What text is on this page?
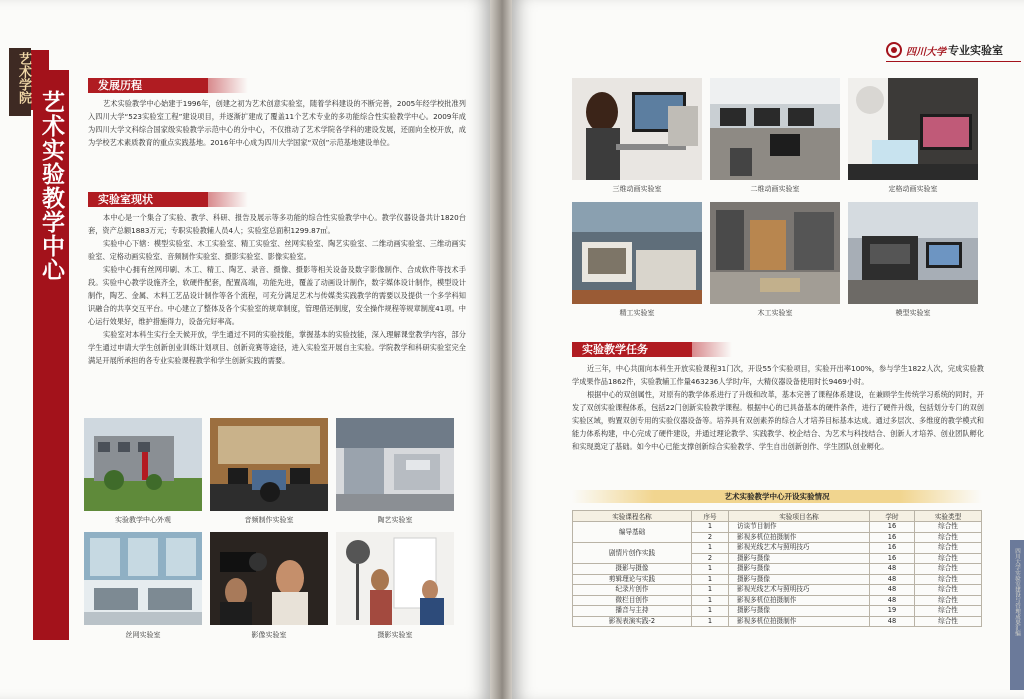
艺术学院
艺术实验教学中心
发展历程

艺术实验教学中心始建于1996年，创建之初为艺术创意实验室，随着学科建设的不断完善，2005年经学校批准列入四川大学“523实验室工程”建设项目，并逐渐扩建成了覆盖11个艺术专业的多功能综合性实验教学中心。2009年成为四川大学文科综合国家级实验教学示范中心的分中心，不仅推动了艺术学院各学科的建设发展，还面向全校开放，成为学校艺术素质教育的重点实践基地。2016年中心成为四川大学国家“双创”示范基地建设单位。

实验室现状

本中心是一个集合了实验、教学、科研、报告及展示等多功能的综合性实验教学中心。教学仪器设备共计1820台套，资产总额1883万元；专职实验教辅人员4人；实验室总面积1299.87㎡。

实验中心下辖：模型实验室、木工实验室、精工实验室、丝网实验室、陶艺实验室、二维动画实验室、三维动画实验室、定格动画实验室、音频制作实验室、摄影实验室、影像实验室。

实验中心拥有丝网印刷、木工、精工、陶艺、录音、摄像、摄影等相关设备及数字影像制作、合成软件等技术手段。实验中心教学设施齐全，软硬件配套，配置高端，功能先进，覆盖了动画设计制作，数字媒体设计制作，模型设计制作，陶艺、金属、木料工艺品设计制作等各个流程，可充分满足艺术与传媒类实践教学的需要以及提供一个多学科知识融合的共享交互平台。中心建立了整体及各个实验室的规章制度，管理借还制度，安全操作规程等规章制度41项。中心运行效果好，维护措施得力，设备完好率高。

实验室对本科生实行全天候开放，学生通过不同的实验技能，掌握基本的实验技能，深入理解课堂教学内容，部分学生通过申请大学生创新创业训练计划项目、创新竞赛等途径，进入实验室开展自主实验。学院教学和科研实验室完全满足开展所承担的各专业实验课程教学和学生创新实践的需要。

实验教学中心外观	音频制作实验室	陶艺实验室
丝网实验室	影像实验室	摄影实验室
四川大学 专业实验室
三维动画实验室	二维动画实验室	定格动画实验室
精工实验室	木工实验室	模型实验室
实验教学任务

近三年，中心共面向本科生开放实验课程31门次，开设55个实验项目，实验开出率100%，参与学生1822人次，完成实验教学成果作品1862件，实验教辅工作量463236人学时/年，大精仪器设备使用时长9469小时。

根据中心的双创属性，对原有的教学体系进行了升级和改革，基本完善了课程体系建设，在兼顾学生传统学习系统的同时，开发了双创实验课程体系，包括22门创新实验教学课程。根据中心的已具备基本的硬件条件，进行了硬件升级，包括划分专门的双创实验区域，购置双创专用的实验仪器设备等。培养具有双创素养的综合人才培养目标基本达成。通过多层次、多维度的教学模式和能力体系构建，中心完成了硬件建设，并通过理论教学、实践教学、校企结合、为艺术与科技结合、创新人才培养、创业团队孵化和实现奠定了基础。如今中心已能支撑创新综合实验教学、学生自出创新创作、学生团队创业孵化。

艺术实验教学中心开设实验情况
实验课程名称	序号	实验项目名称	学时	实验类型
编导基础	1	访谈节目制作	16	综合性
	2	影视多机位拍摄制作	16	综合性
剧情片创作实践	1	影视光线艺术与照明技巧	16	综合性
	2	摄影与摄像	16	综合性
摄影与摄像	1	摄影与摄像	48	综合性
剪辑理论与实践	1	摄影与摄像	48	综合性
纪录片创作	1	影视光线艺术与照明技巧	48	综合性
微栏目创作	1	影视多机位拍摄制作	48	综合性
播音与主持	1	摄影与摄像	19	综合性
影视表演实践-2	1	影视多机位拍摄制作	48	综合性	四川大学实验室建设与管理成果汇编
